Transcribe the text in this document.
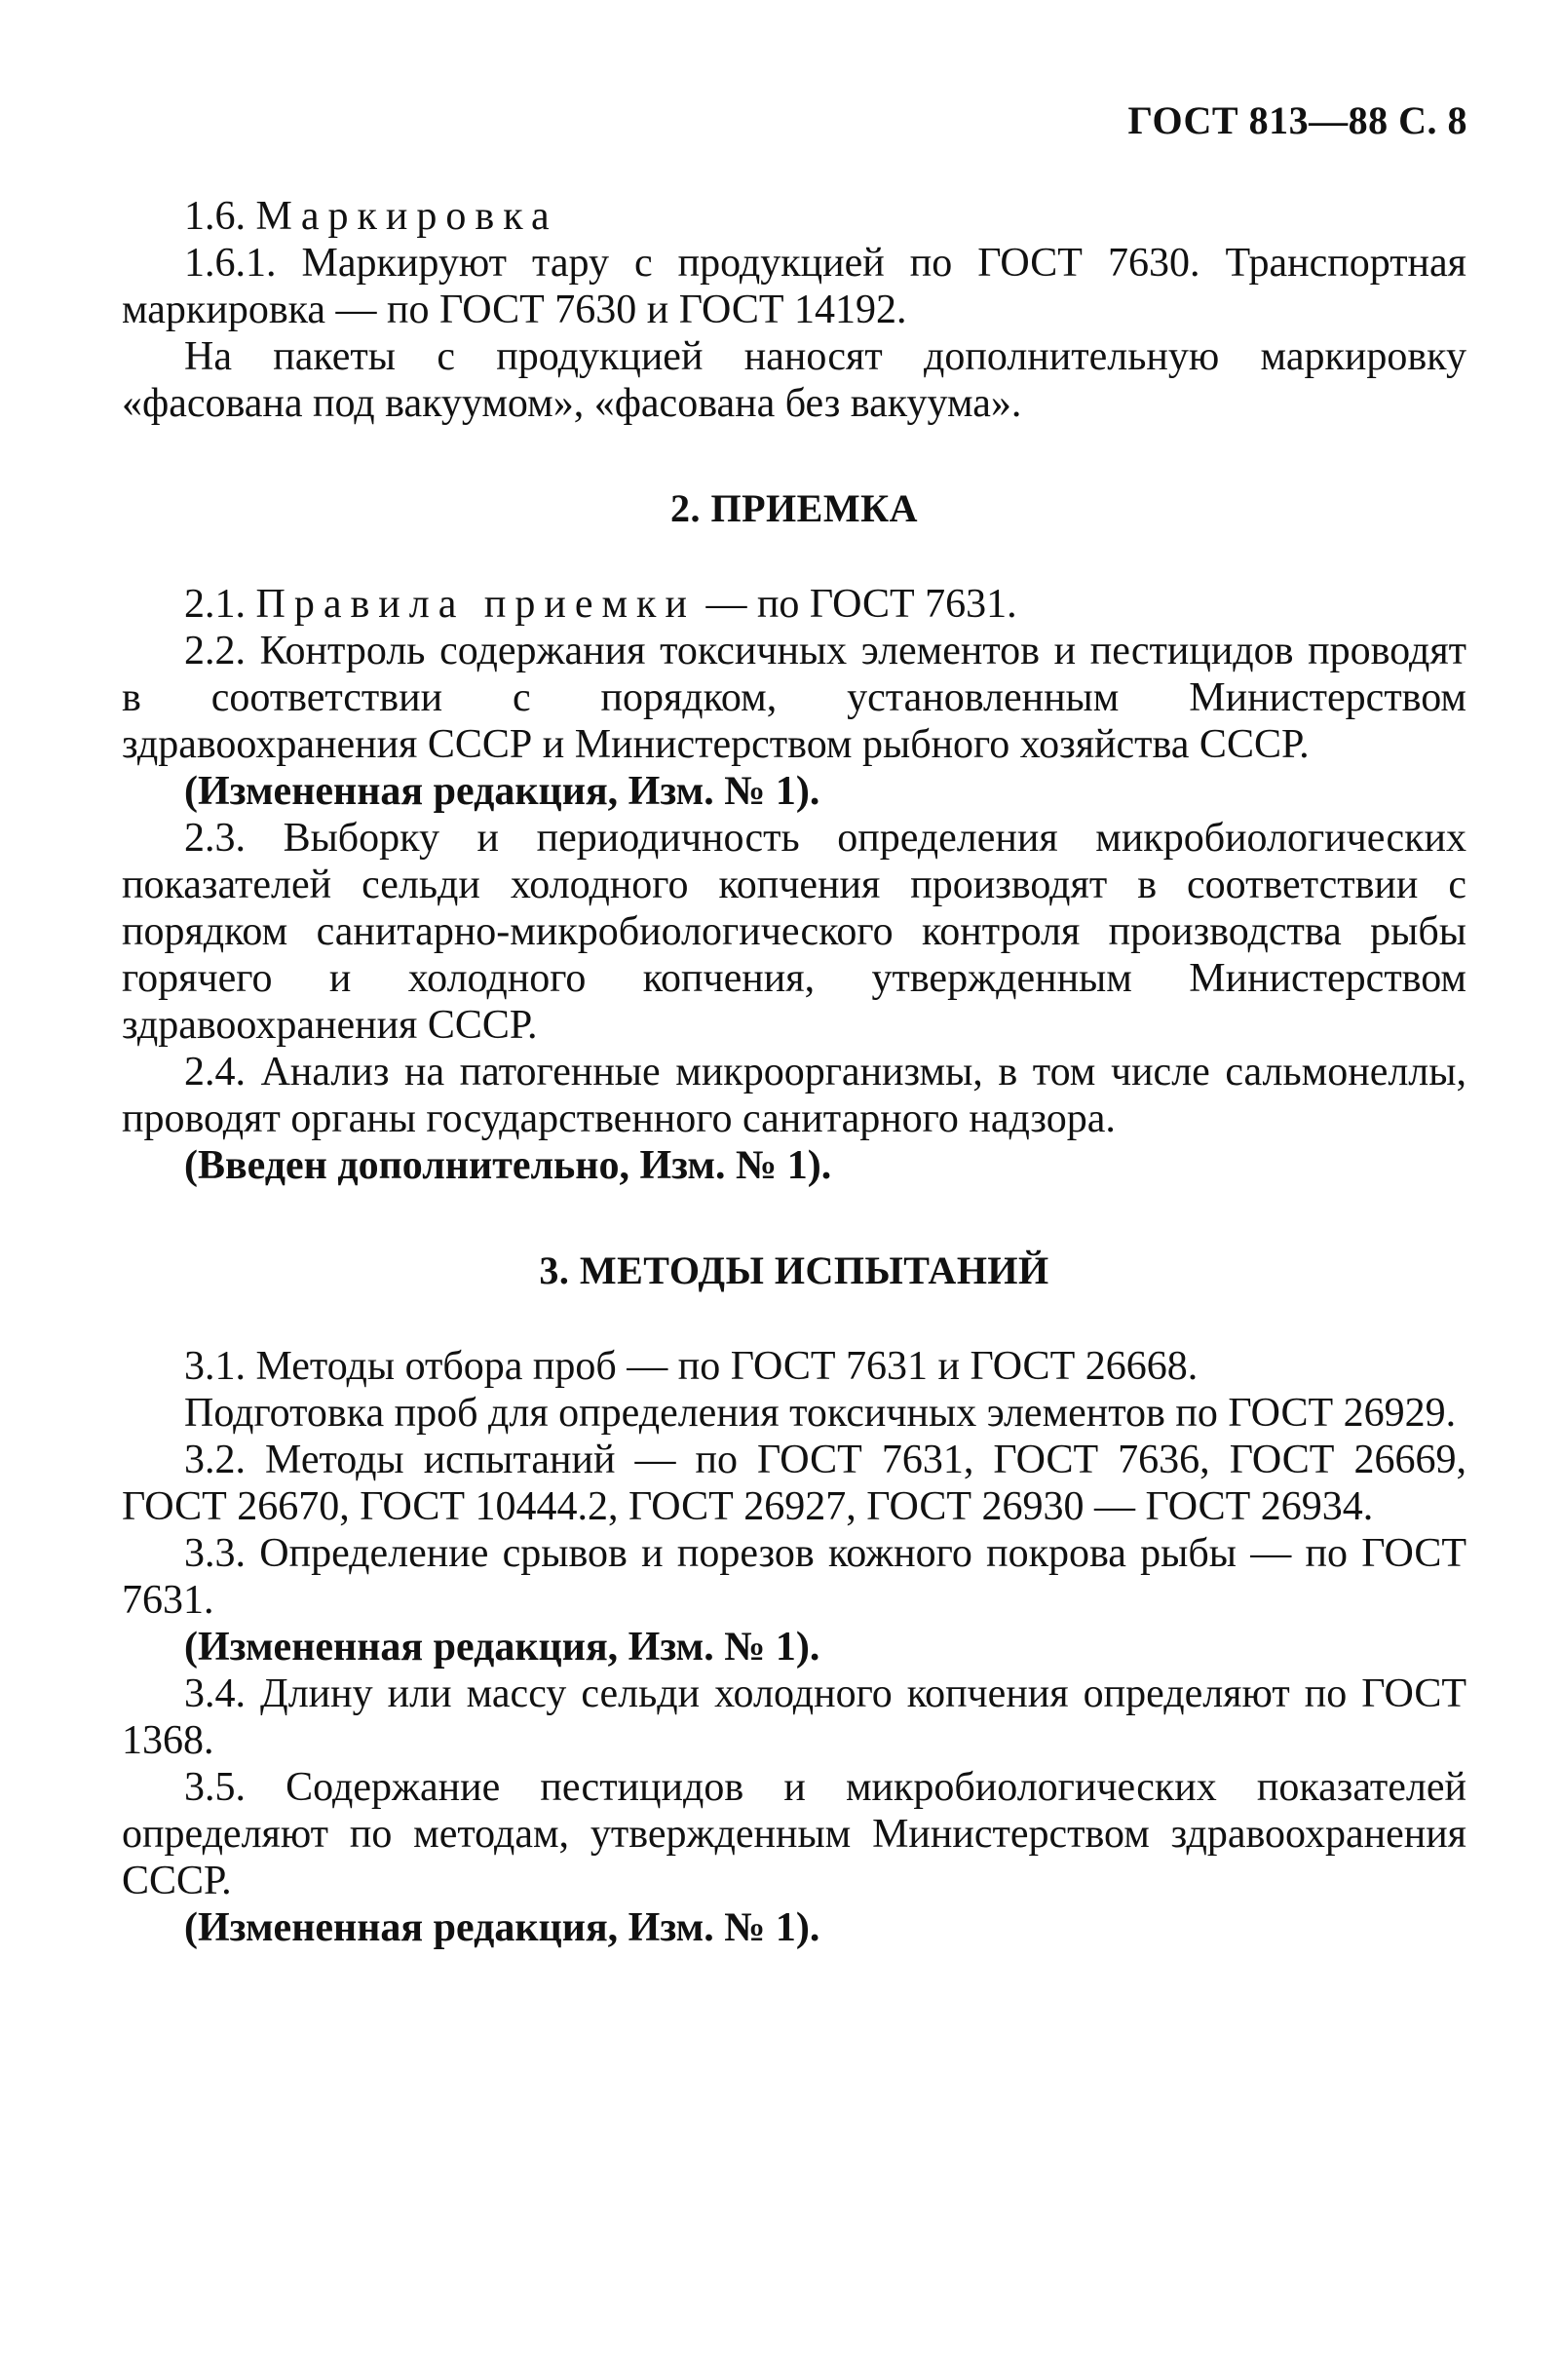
ГОСТ 813—88 С. 8

1.6. Маркировка

1.6.1. Маркируют тару с продукцией по ГОСТ 7630. Транспортная маркировка — по ГОСТ 7630 и ГОСТ 14192.

На пакеты с продукцией наносят дополнительную маркировку «фасована под вакуумом», «фасована без вакуума».

2. ПРИЕМКА

2.1. Правила приемки — по ГОСТ 7631.

2.2. Контроль содержания токсичных элементов и пестицидов проводят в соответствии с порядком, установленным Министерством здравоохранения СССР и Министерством рыбного хозяйства СССР.

(Измененная редакция, Изм. № 1).

2.3. Выборку и периодичность определения микробиологических показателей сельди холодного копчения производят в соответствии с порядком санитарно-микробиологического контроля производства рыбы горячего и холодного копчения, утвержденным Министерством здравоохранения СССР.

2.4. Анализ на патогенные микроорганизмы, в том числе сальмонеллы, проводят органы государственного санитарного надзора.

(Введен дополнительно, Изм. № 1).

3. МЕТОДЫ ИСПЫТАНИЙ

3.1. Методы отбора проб — по ГОСТ 7631 и ГОСТ 26668.

Подготовка проб для определения токсичных элементов по ГОСТ 26929.

3.2. Методы испытаний — по ГОСТ 7631, ГОСТ 7636, ГОСТ 26669, ГОСТ 26670, ГОСТ 10444.2, ГОСТ 26927, ГОСТ 26930 — ГОСТ 26934.

3.3. Определение срывов и порезов кожного покрова рыбы — по ГОСТ 7631.

(Измененная редакция, Изм. № 1).

3.4. Длину или массу сельди холодного копчения определяют по ГОСТ 1368.

3.5. Содержание пестицидов и микробиологических показателей определяют по методам, утвержденным Министерством здравоохранения СССР.

(Измененная редакция, Изм. № 1).
